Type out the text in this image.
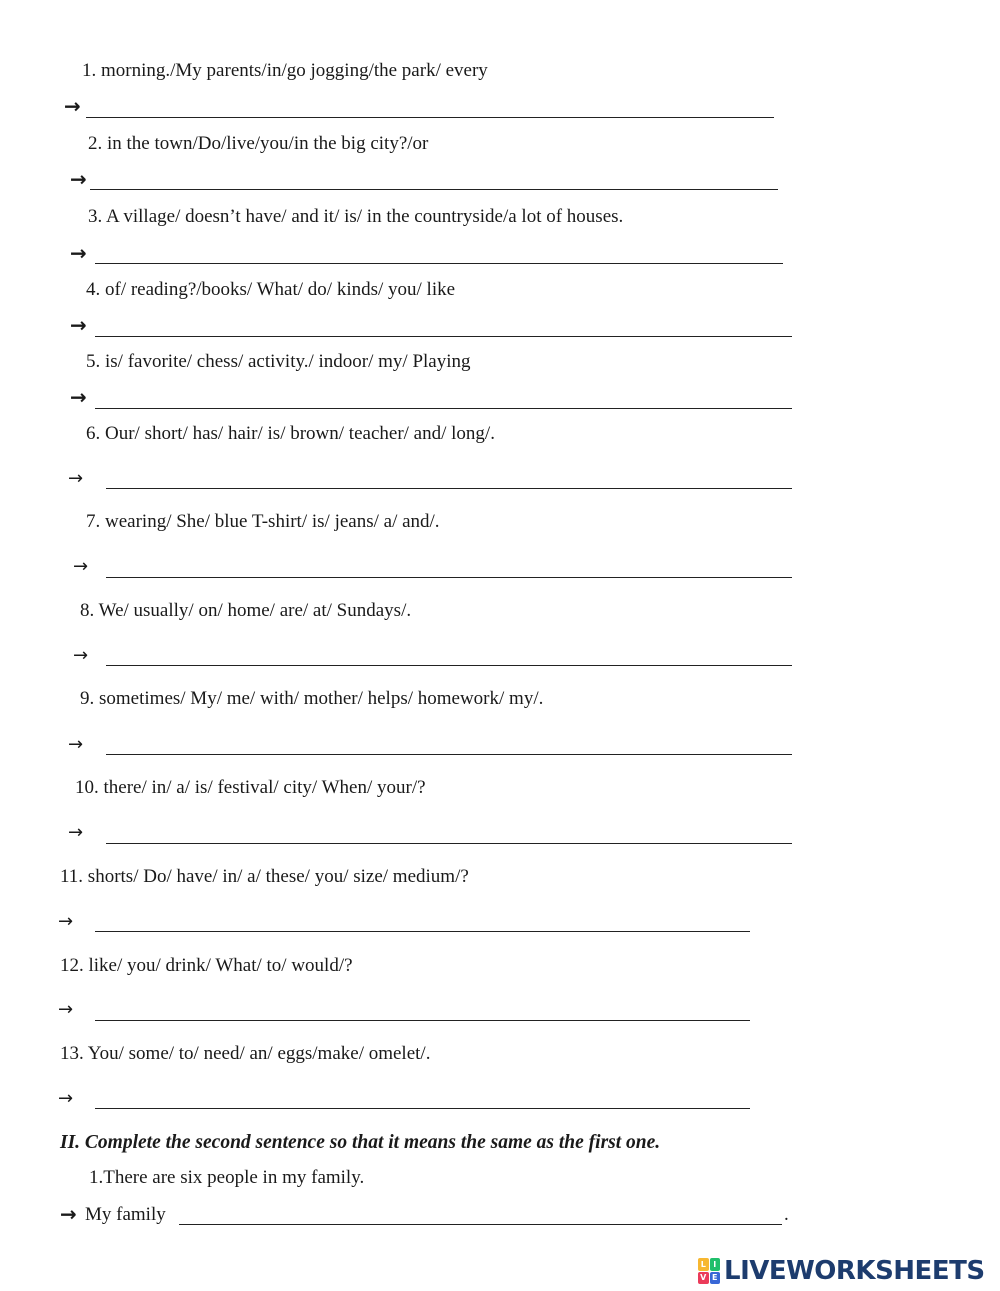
1. morning./My parents/in/go jogging/the park/ every
→
2. in the town/Do/live/you/in the big city?/or
→
3. A village/ doesn’t have/ and it/ is/ in the countryside/a lot of houses.
→
4. of/ reading?/books/ What/ do/ kinds/ you/ like
→
5. is/ favorite/ chess/ activity./ indoor/ my/ Playing
→
6. Our/ short/ has/ hair/ is/ brown/ teacher/ and/ long/.
→
7. wearing/ She/ blue T-shirt/ is/ jeans/ a/ and/.
→
8. We/ usually/ on/ home/ are/ at/ Sundays/.
→
9. sometimes/ My/ me/ with/ mother/ helps/ homework/ my/.
→
10. there/ in/ a/ is/ festival/ city/ When/ your/?
→
11. shorts/ Do/ have/ in/ a/ these/ you/ size/ medium/?
→
12. like/ you/ drink/ What/ to/ would/?
→
13. You/ some/ to/ need/ an/ eggs/make/ omelet/.
→
II. Complete the second sentence so that it means the same as the first one.
1.There are six people in my family.
→ My family	.
L I
V E LIVEWORKSHEETS
